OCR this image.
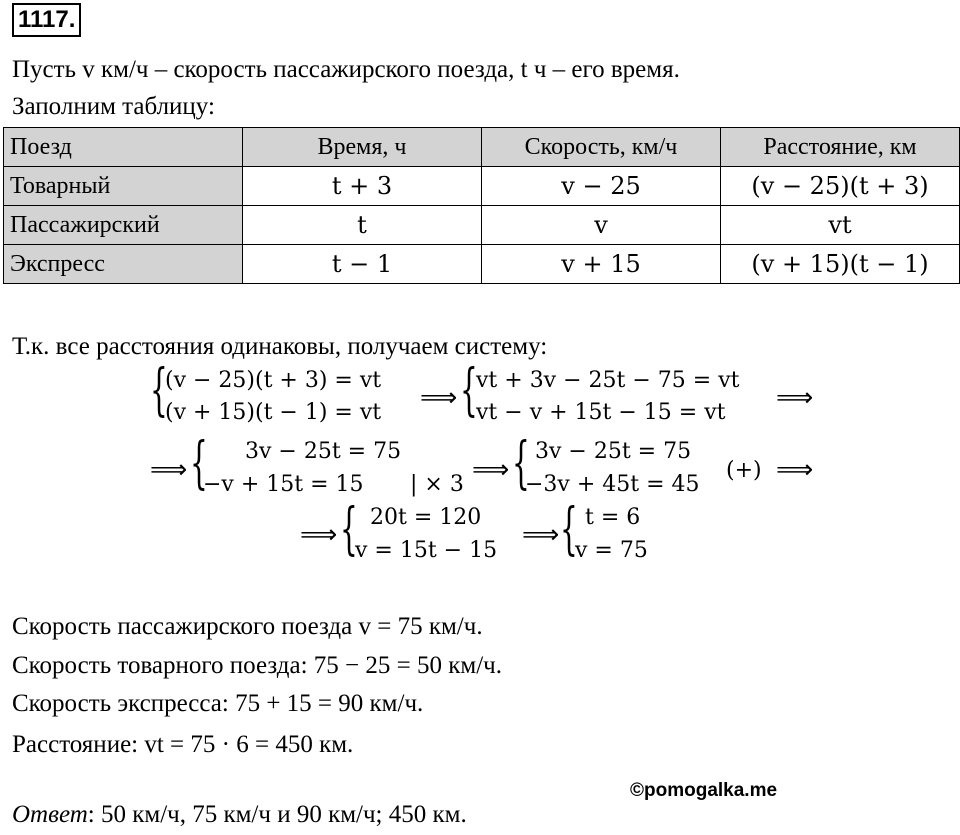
1117.
Пусть v км/ч – скорость пассажирского поезда, t ч – его время.
Заполним таблицу:
Поезд	Время, ч	Скорость, км/ч	Расстояние, км
Товарный	t + 3	v − 25	(v − 25)(t + 3)
Пассажирский	t	v	vt
Экспресс	t − 1	v + 15	(v + 15)(t − 1)
Т.к. все расстояния одинаковы, получаем систему:
{
(v − 25)(t + 3) = vt
(v + 15)(t − 1) = vt ⟹ {
vt + 3v − 25t − 75 = vt
vt − v + 15t − 15 = vt ⟹
⟹ { 3v − 25t = 75
−v + 15t = 15 | × 3 ⟹ { 3v − 25t = 75
−3v + 45t = 45
(+) ⟹
⟹ { 20t = 120
v = 15t − 15
⟹ { t = 6
v = 75
Скорость пассажирского поезда v = 75 км/ч.
Скорость товарного поезда: 75 − 25 = 50 км/ч.
Скорость экспресса: 75 + 15 = 90 км/ч.
Расстояние: vt = 75 · 6 = 450 км.
©pomogalka.me
Ответ: 50 км/ч, 75 км/ч и 90 км/ч; 450 км.
